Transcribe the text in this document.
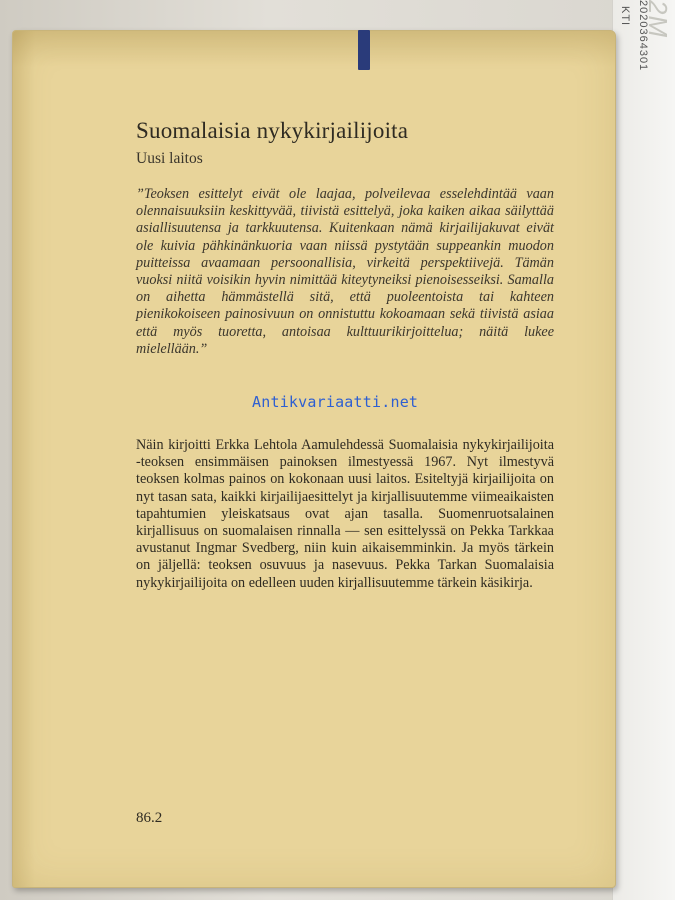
KTI 2020364301
2M
Suomalaisia nykykirjailijoita

Uusi laitos

”Teoksen esittelyt eivät ole laajaa, polveilevaa esselehdintää vaan olennaisuuksiin keskittyvää, tiivistä esittelyä, joka kaiken aikaa säilyttää asiallisuutensa ja tarkkuutensa. Kuitenkaan nämä kirjailijakuvat eivät ole kuivia pähkinänkuoria vaan niissä pystytään suppeankin muodon puitteissa avaamaan persoonallisia, virkeitä perspektiivejä. Tämän vuoksi niitä voisikin hyvin nimittää kiteytyneiksi pienoisesseiksi. Samalla on aihetta hämmästellä sitä, että puoleentoista tai kahteen pienikokoiseen painosivuun on onnistuttu kokoamaan sekä tiivistä asiaa että myös tuoretta, antoisaa kulttuurikirjoittelua; näitä lukee mielellään.”

Näin kirjoitti Erkka Lehtola Aamulehdessä Suomalaisia nykykirjailijoita -teoksen ensimmäisen painoksen ilmestyessä 1967. Nyt ilmestyvä teoksen kolmas painos on kokonaan uusi laitos. Esiteltyjä kirjailijoita on nyt tasan sata, kaikki kirjailijaesittelyt ja kirjallisuutemme viimeaikaisten tapahtumien yleiskatsaus ovat ajan tasalla. Suomenruotsalainen kirjallisuus on suomalaisen rinnalla — sen esittelyssä on Pekka Tarkkaa avustanut Ingmar Svedberg, niin kuin aikaisemminkin. Ja myös tärkein on jäljellä: teoksen osuvuus ja nasevuus. Pekka Tarkan Suomalaisia nykykirjailijoita on edelleen uuden kirjallisuutemme tärkein käsikirja.

86.2

Antikvariaatti.net
